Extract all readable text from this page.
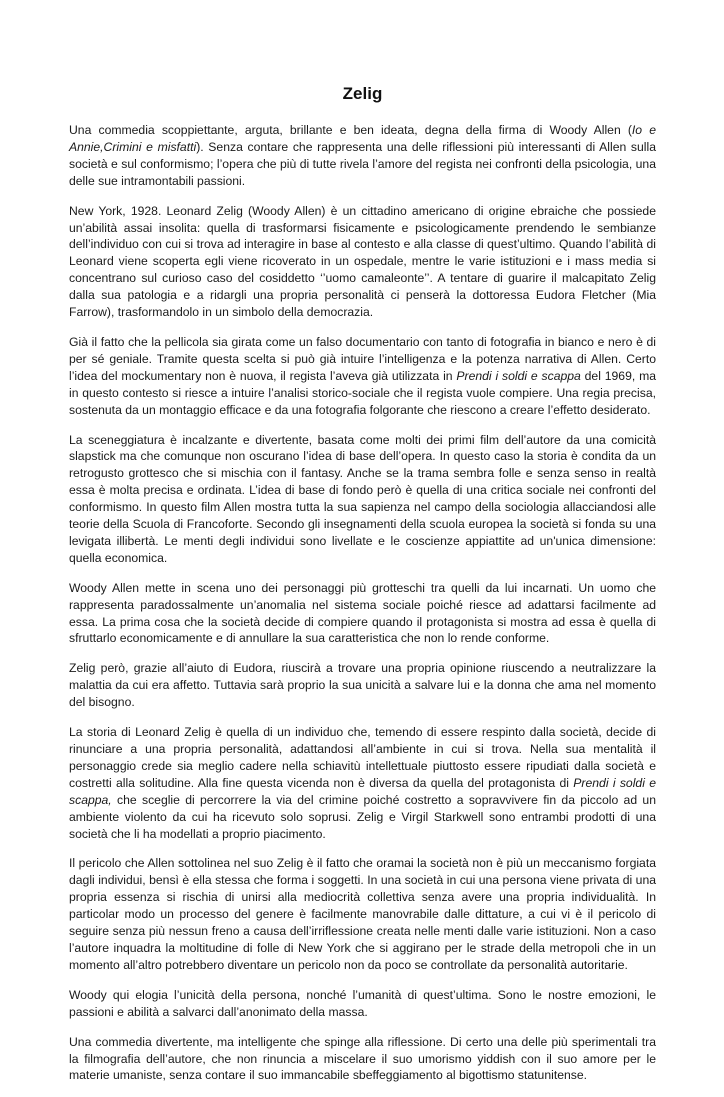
Zelig

Una commedia scoppiettante, arguta, brillante e ben ideata, degna della firma di Woody Allen (Io e Annie,Crimini e misfatti). Senza contare che rappresenta una delle riflessioni più interessanti di Allen sulla società e sul conformismo; l’opera che più di tutte rivela l’amore del regista nei confronti della psicologia, una delle sue intramontabili passioni.

New York, 1928. Leonard Zelig (Woody Allen) è un cittadino americano di origine ebraiche che possiede un’abilità assai insolita: quella di trasformarsi fisicamente e psicologicamente prendendo le sembianze dell’individuo con cui si trova ad interagire in base al contesto e alla classe di quest’ultimo. Quando l’abilità di Leonard viene scoperta egli viene ricoverato in un ospedale, mentre le varie istituzioni e i mass media si concentrano sul curioso caso del cosiddetto ‘’uomo camaleonte’’. A tentare di guarire il malcapitato Zelig dalla sua patologia e a ridargli una propria personalità ci penserà la dottoressa Eudora Fletcher (Mia Farrow), trasformandolo in un simbolo della democrazia.

Già il fatto che la pellicola sia girata come un falso documentario con tanto di fotografia in bianco e nero è di per sé geniale. Tramite questa scelta si può già intuire l’intelligenza e la potenza narrativa di Allen. Certo l’idea del mockumentary non è nuova, il regista l’aveva già utilizzata in Prendi i soldi e scappa del 1969, ma in questo contesto si riesce a intuire l’analisi storico-sociale che il regista vuole compiere. Una regia precisa, sostenuta da un montaggio efficace e da una fotografia folgorante che riescono a creare l’effetto desiderato.

La sceneggiatura è incalzante e divertente, basata come molti dei primi film dell’autore da una comicità slapstick ma che comunque non oscurano l’idea di base dell’opera. In questo caso la storia è condita da un retrogusto grottesco che si mischia con il fantasy. Anche se la trama sembra folle e senza senso in realtà essa è molta precisa e ordinata. L’idea di base di fondo però è quella di una critica sociale nei confronti del conformismo. In questo film Allen mostra tutta la sua sapienza nel campo della sociologia allacciandosi alle teorie della Scuola di Francoforte. Secondo gli insegnamenti della scuola europea la società si fonda su una levigata illibertà. Le menti degli individui sono livellate e le coscienze appiattite ad un'unica dimensione: quella economica.

Woody Allen mette in scena uno dei personaggi più grotteschi tra quelli da lui incarnati. Un uomo che rappresenta paradossalmente un’anomalia nel sistema sociale poiché riesce ad adattarsi facilmente ad essa. La prima cosa che la società decide di compiere quando il protagonista si mostra ad essa è quella di sfruttarlo economicamente e di annullare la sua caratteristica che non lo rende conforme.

Zelig però, grazie all’aiuto di Eudora, riuscirà a trovare una propria opinione riuscendo a neutralizzare la malattia da cui era affetto. Tuttavia sarà proprio la sua unicità a salvare lui e la donna che ama nel momento del bisogno.

La storia di Leonard Zelig è quella di un individuo che, temendo di essere respinto dalla società, decide di rinunciare a una propria personalità, adattandosi all’ambiente in cui si trova. Nella sua mentalità il personaggio crede sia meglio cadere nella schiavitù intellettuale piuttosto essere ripudiati dalla società e costretti alla solitudine. Alla fine questa vicenda non è diversa da quella del protagonista di Prendi i soldi e scappa, che sceglie di percorrere la via del crimine poiché costretto a sopravvivere fin da piccolo ad un ambiente violento da cui ha ricevuto solo soprusi. Zelig e Virgil Starkwell sono entrambi prodotti di una società che li ha modellati a proprio piacimento.

Il pericolo che Allen sottolinea nel suo Zelig è il fatto che oramai la società non è più un meccanismo forgiata dagli individui, bensì è ella stessa che forma i soggetti. In una società in cui una persona viene privata di una propria essenza si rischia di unirsi alla mediocrità collettiva senza avere una propria individualità. In particolar modo un processo del genere è facilmente manovrabile dalle dittature, a cui vi è il pericolo di seguire senza più nessun freno a causa dell’irriflessione creata nelle menti dalle varie istituzioni. Non a caso l’autore inquadra la moltitudine di folle di New York che si aggirano per le strade della metropoli che in un momento all’altro potrebbero diventare un pericolo non da poco se controllate da personalità autoritarie.

Woody qui elogia l’unicità della persona, nonché l’umanità di quest’ultima. Sono le nostre emozioni, le passioni e abilità a salvarci dall’anonimato della massa.

Una commedia divertente, ma intelligente che spinge alla riflessione. Di certo una delle più sperimentali tra la filmografia dell’autore, che non rinuncia a miscelare il suo umorismo yiddish con il suo amore per le materie umaniste, senza contare il suo immancabile sbeffeggiamento al bigottismo statunitense.
